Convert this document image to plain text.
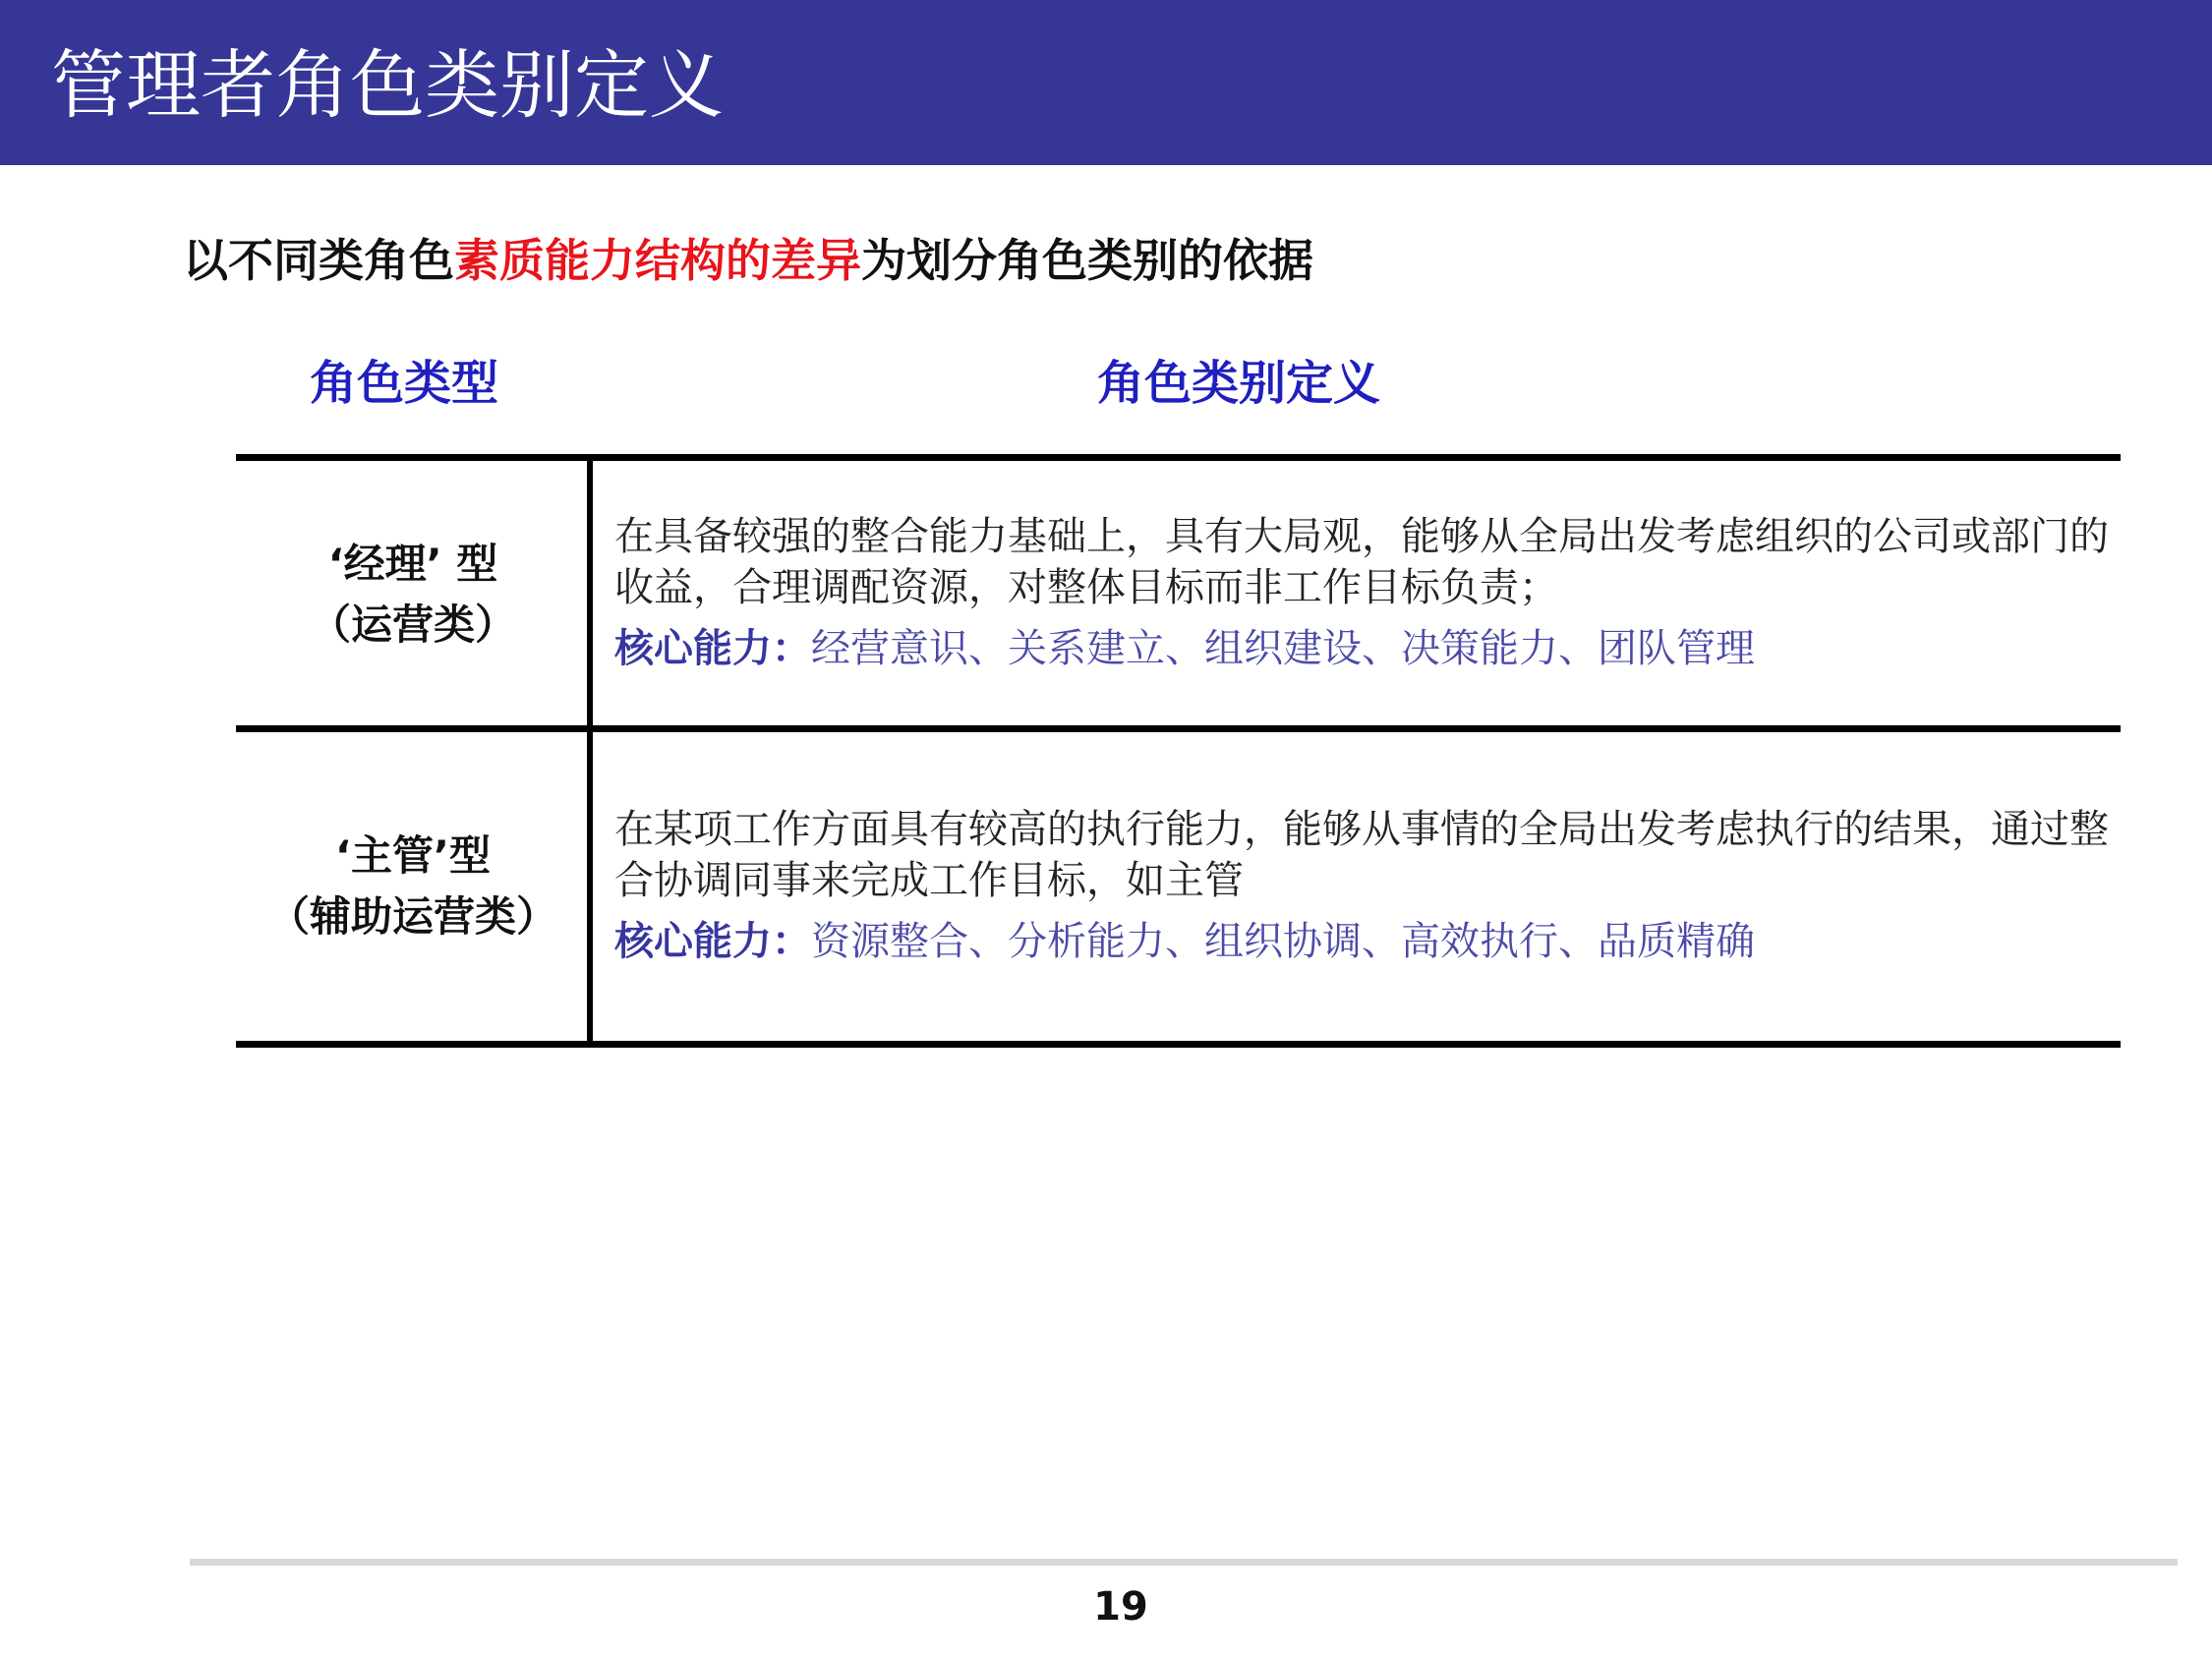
管理者角色类别定义
以不同类角色素质能力结构的差异为划分角色类别的依据
角色类型	角色类别定义
‘经理’ 型
（运营类）
在具备较强的整合能力基础上，具有大局观，能够从全局出发考虑组织的公司或部门的收益，合理调配资源，对整体目标而非工作目标负责；
核心能力：经营意识、关系建立、组织建设、决策能力、团队管理
‘主管’型
（辅助运营类）
在某项工作方面具有较高的执行能力，能够从事情的全局出发考虑执行的结果，通过整合协调同事来完成工作目标，如主管
核心能力：资源整合、分析能力、组织协调、高效执行、品质精确
19
